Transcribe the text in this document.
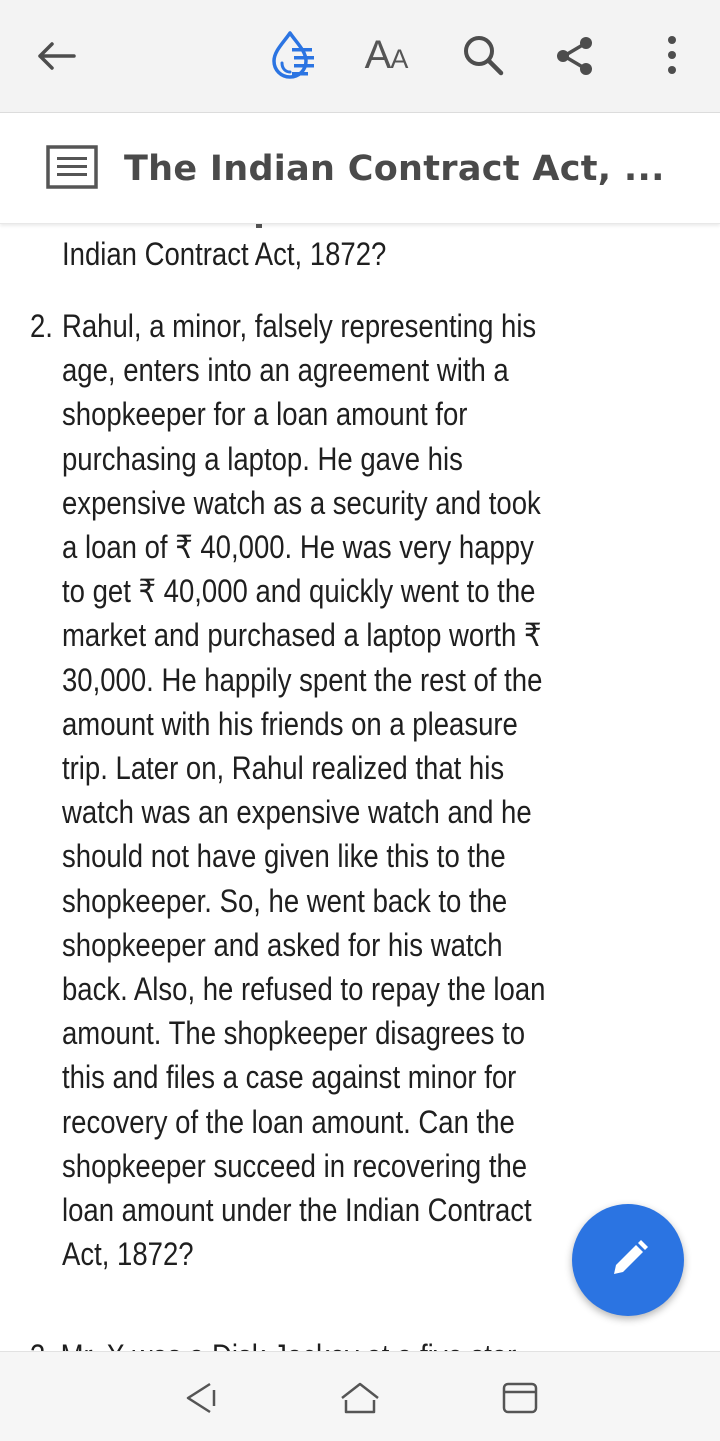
AA
The Indian Contract Act, ...
Indian Contract Act, 1872?
2. Rahul, a minor, falsely representing his age, enters into an agreement with a shopkeeper for a loan amount for purchasing a laptop. He gave his expensive watch as a security and took a loan of ₹ 40,000. He was very happy to get ₹ 40,000 and quickly went to the market and purchased a laptop worth ₹ 30,000. He happily spent the rest of the amount with his friends on a pleasure trip. Later on, Rahul realized that his watch was an expensive watch and he should not have given like this to the shopkeeper. So, he went back to the shopkeeper and asked for his watch back. Also, he refused to repay the loan amount. The shopkeeper disagrees to this and files a case against minor for recovery of the loan amount. Can the shopkeeper succeed in recovering the loan amount under the Indian Contract Act, 1872?
